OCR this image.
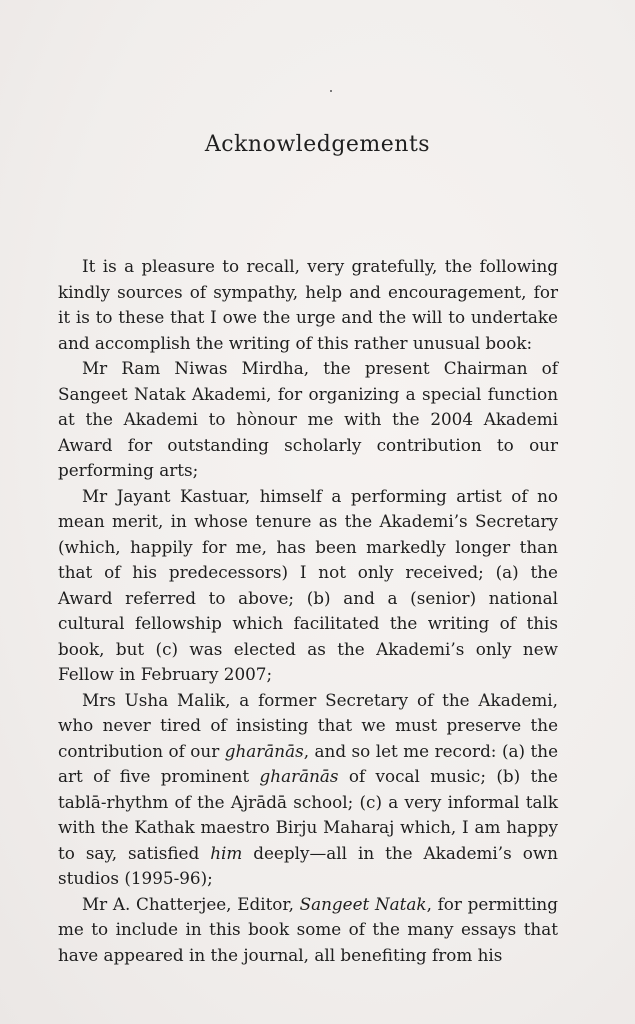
Acknowledgements

It is a pleasure to recall, very gratefully, the following kindly sources of sympathy, help and encouragement, for it is to these that I owe the urge and the will to undertake and accomplish the writing of this rather unusual book:

Mr Ram Niwas Mirdha, the present Chairman of Sangeet Natak Akademi, for organizing a special function at the Akademi to hònour me with the 2004 Akademi Award for outstanding scholarly contribution to our performing arts;

Mr Jayant Kastuar, himself a performing artist of no mean merit, in whose tenure as the Akademi’s Secretary (which, happily for me, has been markedly longer than that of his predecessors) I not only received; (a) the Award referred to above; (b) and a (senior) national cultural fellowship which facilitated the writing of this book, but (c) was elected as the Akademi’s only new Fellow in February 2007;

Mrs Usha Malik, a former Secretary of the Akademi, who never tired of insisting that we must preserve the contribution of our gharānās, and so let me record: (a) the art of five prominent gharānās of vocal music; (b) the tablā-rhythm of the Ajrādā school; (c) a very informal talk with the Kathak maestro Birju Maharaj which, I am happy to say, satisfied him deeply—all in the Akademi’s own studios (1995-96);

Mr A. Chatterjee, Editor, Sangeet Natak, for permitting me to include in this book some of the many essays that have appeared in the journal, all benefiting from his
